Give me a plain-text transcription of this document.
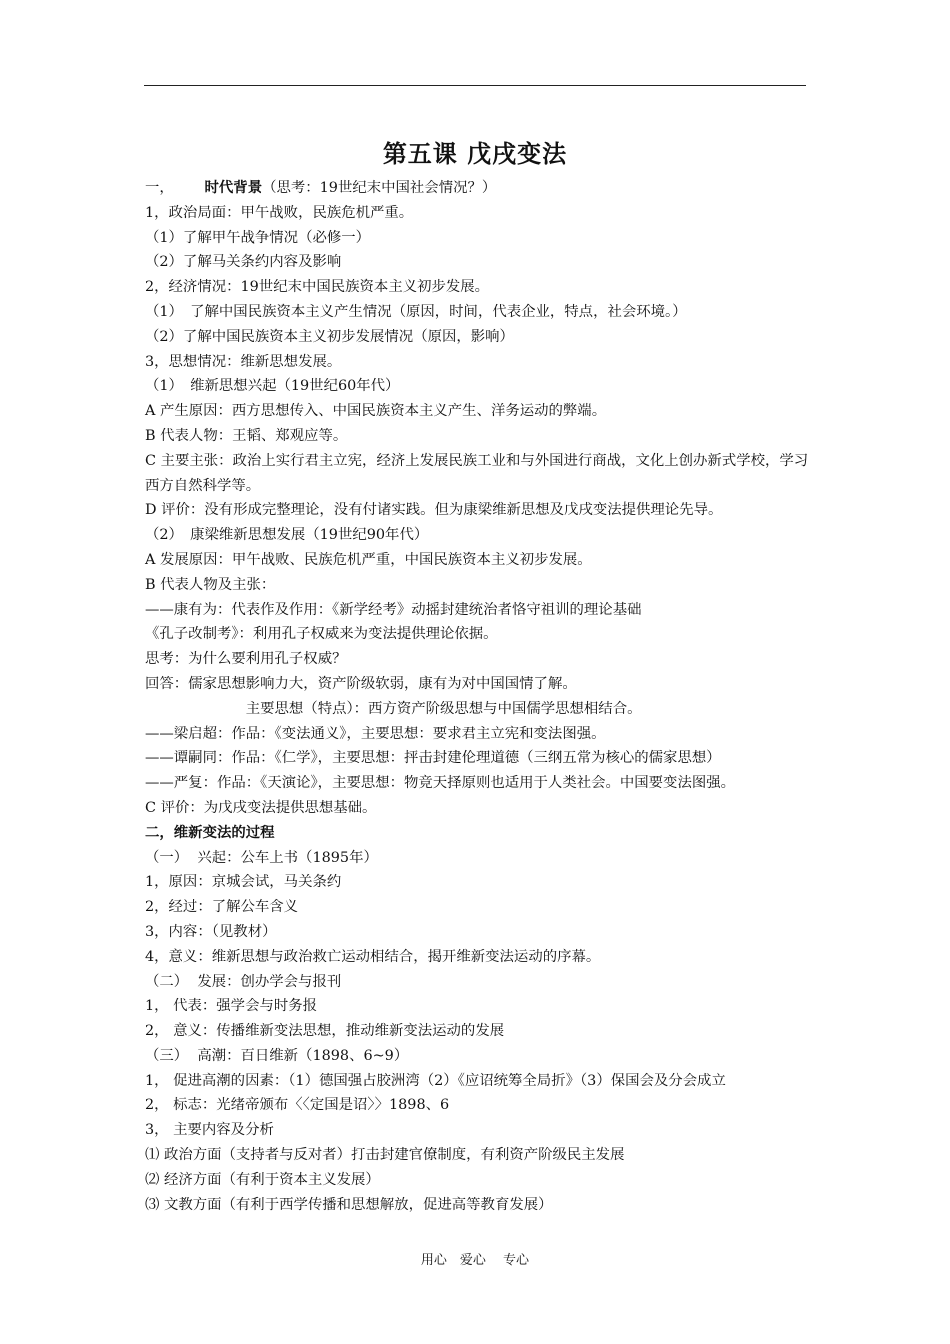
第五课 戊戌变法
一，　　  时代背景（思考：19世纪末中国社会情况？）
1，政治局面：甲午战败，民族危机严重。
（1）了解甲午战争情况（必修一）
（2）了解马关条约内容及影响
2，经济情况：19世纪末中国民族资本主义初步发展。
（1）　了解中国民族资本主义产生情况（原因，时间，代表企业，特点，社会环境。）
（2）了解中国民族资本主义初步发展情况（原因，影响）
3，思想情况：维新思想发展。
（1）　维新思想兴起（19世纪60年代）
A 产生原因：西方思想传入、中国民族资本主义产生、洋务运动的弊端。
B 代表人物：王韬、郑观应等。
C 主要主张：政治上实行君主立宪，经济上发展民族工业和与外国进行商战，文化上创办新式学校，学习西方自然科学等。
D 评价：没有形成完整理论，没有付诸实践。但为康梁维新思想及戊戌变法提供理论先导。
（2）　康梁维新思想发展（19世纪90年代）
A 发展原因：甲午战败、民族危机严重，中国民族资本主义初步发展。
B 代表人物及主张：
——康有为：代表作及作用：《新学经考》动摇封建统治者恪守祖训的理论基础
《孔子改制考》：利用孔子权威来为变法提供理论依据。
思考：为什么要利用孔子权威？
回答：儒家思想影响力大，资产阶级软弱，康有为对中国国情了解。
　　　　　　　主要思想（特点）：西方资产阶级思想与中国儒学思想相结合。
——梁启超：作品：《变法通义》，主要思想：要求君主立宪和变法图强。
——谭嗣同：作品：《仁学》，主要思想：抨击封建伦理道德（三纲五常为核心的儒家思想）
——严复：作品：《天演论》，主要思想：物竞天择原则也适用于人类社会。中国要变法图强。
C 评价：为戊戌变法提供思想基础。
二，维新变法的过程
（一）  兴起：公车上书（1895年）
1，原因：京城会试，马关条约
2，经过：了解公车含义
3，内容：（见教材）
4，意义：维新思想与政治救亡运动相结合，揭开维新变法运动的序幕。
（二）  发展：创办学会与报刊
1， 代表：强学会与时务报
2， 意义：传播维新变法思想，推动维新变法运动的发展
（三）  高潮：百日维新（1898、6~9）
1， 促进高潮的因素：（1）德国强占胶洲湾（2）《应诏统筹全局折》（3）保国会及分会成立
2， 标志：光绪帝颁布〈〈定国是诏〉〉1898、6
3， 主要内容及分析
⑴ 政治方面（支持者与反对者）打击封建官僚制度，有利资产阶级民主发展
⑵ 经济方面（有利于资本主义发展）
⑶ 文教方面（有利于西学传播和思想解放，促进高等教育发展）
用心　爱心　 专心
